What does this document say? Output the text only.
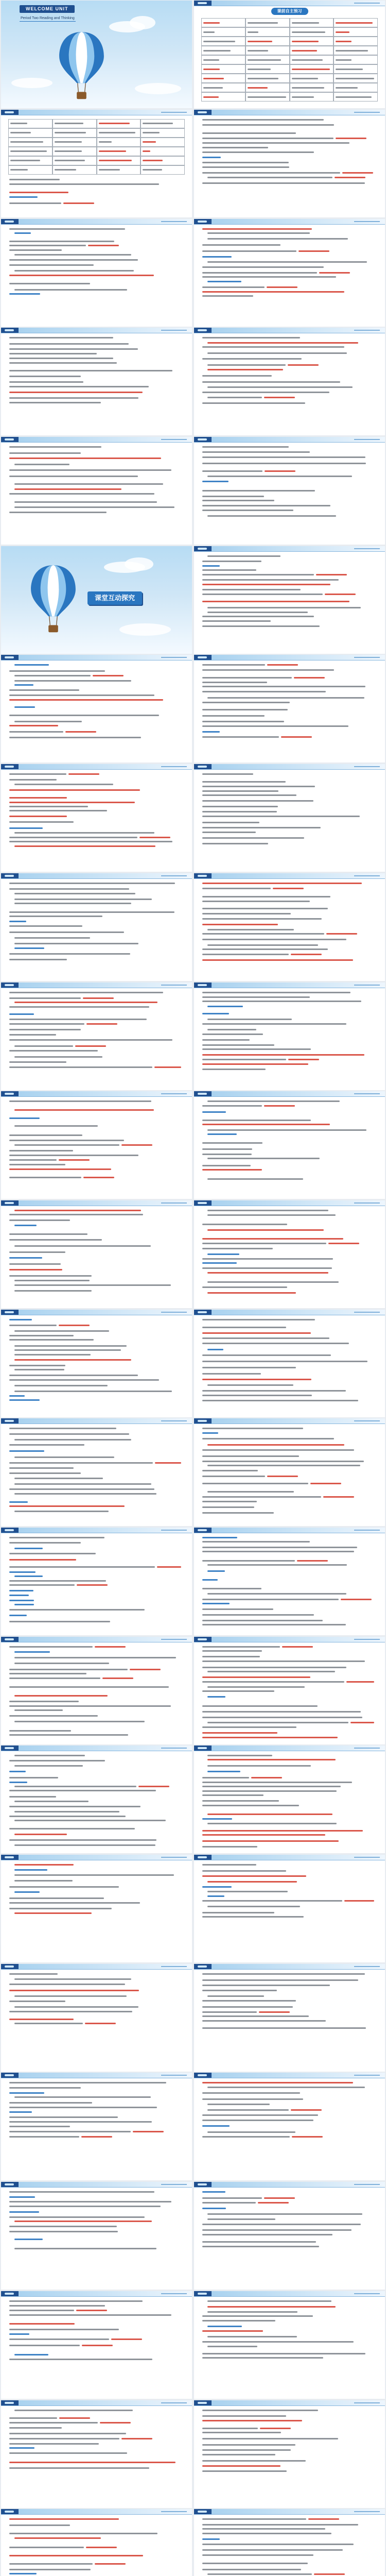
WELCOME UNIT
Period Two Reading and Thinking
课前自主预习
课堂互动探究
